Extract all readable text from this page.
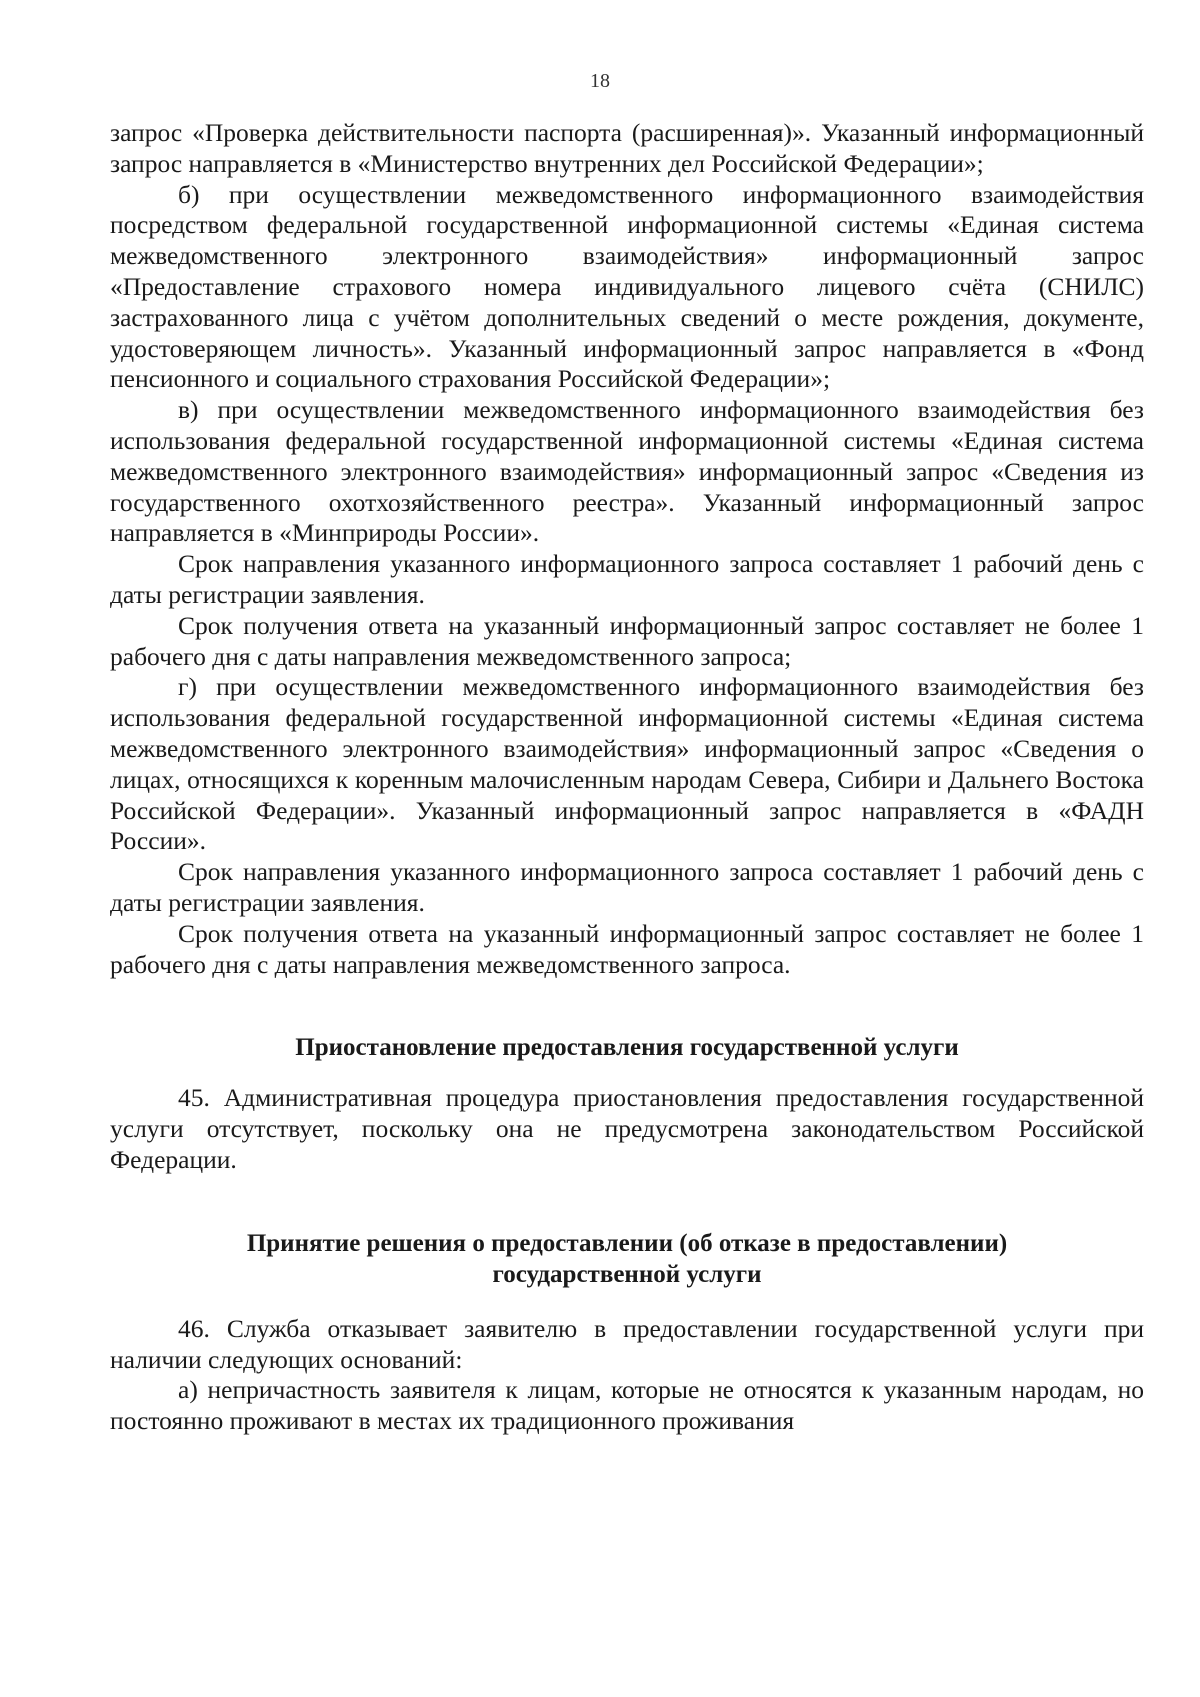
18

запрос «Проверка действительности паспорта (расширенная)». Указанный информационный запрос направляется в «Министерство внутренних дел Российской Федерации»;

б) при осуществлении межведомственного информационного взаимодействия посредством федеральной государственной информационной системы «Единая система межведомственного электронного взаимодействия» информационный запрос «Предоставление страхового номера индивидуального лицевого счёта (СНИЛС) застрахованного лица с учётом дополнительных сведений о месте рождения, документе, удостоверяющем личность». Указанный информационный запрос направляется в «Фонд пенсионного и социального страхования Российской Федерации»;

в) при осуществлении межведомственного информационного взаимодействия без использования федеральной государственной информационной системы «Единая система межведомственного электронного взаимодействия» информационный запрос «Сведения из государственного охотхозяйственного реестра». Указанный информационный запрос направляется в «Минприроды России».

Срок направления указанного информационного запроса составляет 1 рабочий день с даты регистрации заявления.

Срок получения ответа на указанный информационный запрос составляет не более 1 рабочего дня с даты направления межведомственного запроса;

г) при осуществлении межведомственного информационного взаимодействия без использования федеральной государственной информационной системы «Единая система межведомственного электронного взаимодействия» информационный запрос «Сведения о лицах, относящихся к коренным малочисленным народам Севера, Сибири и Дальнего Востока Российской Федерации». Указанный информационный запрос направляется в «ФАДН России».

Срок направления указанного информационного запроса составляет 1 рабочий день с даты регистрации заявления.

Срок получения ответа на указанный информационный запрос составляет не более 1 рабочего дня с даты направления межведомственного запроса.

Приостановление предоставления государственной услуги

45. Административная процедура приостановления предоставления государственной услуги отсутствует, поскольку она не предусмотрена законодательством Российской Федерации.

Принятие решения о предоставлении (об отказе в предоставлении)

государственной услуги

46. Служба отказывает заявителю в предоставлении государственной услуги при наличии следующих оснований:

а) непричастность заявителя к лицам, которые не относятся к указанным народам, но постоянно проживают в местах их традиционного проживания
